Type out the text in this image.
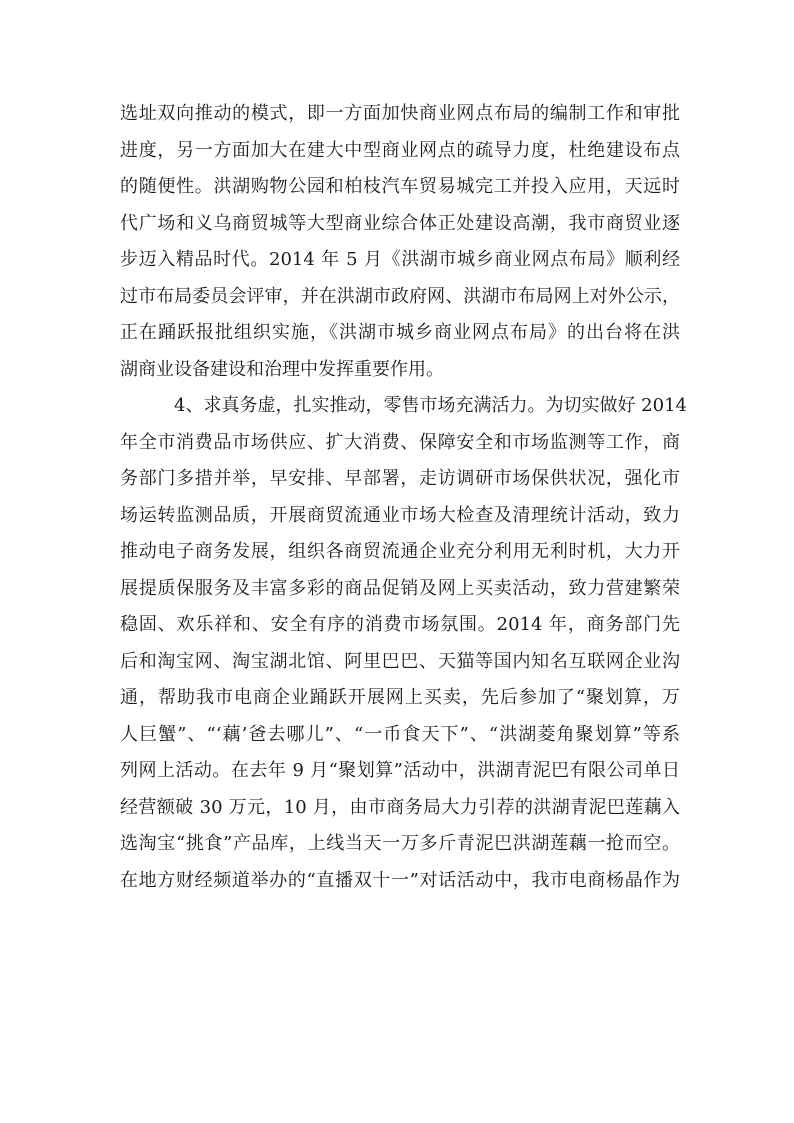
选址双向推动的模式，即一方面加快商业网点布局的编制工作和审批
进度，另一方面加大在建大中型商业网点的疏导力度，杜绝建设布点
的随便性。洪湖购物公园和柏枝汽车贸易城完工并投入应用，天远时
代广场和义乌商贸城等大型商业综合体正处建设高潮，我市商贸业逐
步迈入精品时代。2014 年 5 月《洪湖市城乡商业网点布局》顺利经
过市布局委员会评审，并在洪湖市政府网、洪湖市布局网上对外公示，
正在踊跃报批组织实施，《洪湖市城乡商业网点布局》的出台将在洪
湖商业设备建设和治理中发挥重要作用。
4、求真务虚，扎实推动，零售市场充满活力。为切实做好 2014
年全市消费品市场供应、扩大消费、保障安全和市场监测等工作，商
务部门多措并举，早安排、早部署，走访调研市场保供状况，强化市
场运转监测品质，开展商贸流通业市场大检查及清理统计活动，致力
推动电子商务发展，组织各商贸流通企业充分利用无利时机，大力开
展提质保服务及丰富多彩的商品促销及网上买卖活动，致力营建繁荣
稳固、欢乐祥和、安全有序的消费市场氛围。2014 年，商务部门先
后和淘宝网、淘宝湖北馆、阿里巴巴、天猫等国内知名互联网企业沟
通，帮助我市电商企业踊跃开展网上买卖，先后参加了“聚划算，万
人巨蟹”、“‘藕’爸去哪儿”、“一币食天下”、“洪湖菱角聚划算”等系
列网上活动。在去年 9 月“聚划算”活动中，洪湖青泥巴有限公司单日
经营额破 30 万元，10 月，由市商务局大力引荐的洪湖青泥巴莲藕入
选淘宝“挑食”产品库，上线当天一万多斤青泥巴洪湖莲藕一抢而空。
在地方财经频道举办的“直播双十一”对话活动中，我市电商杨晶作为
